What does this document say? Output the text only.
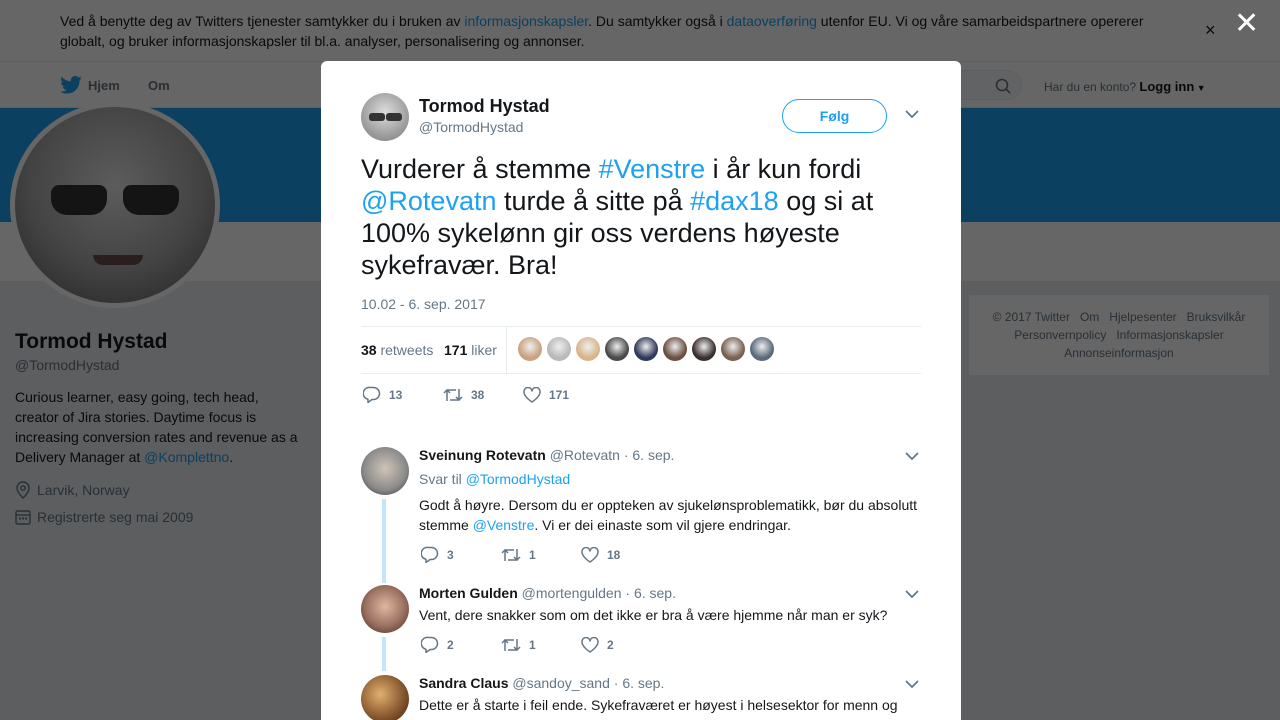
✕
Tormod Hystad
@TormodHystad
Følg
Vurderer å stemme #Venstre i år kun fordi @Rotevatn turde å sitte på #dax18 og si at 100% sykelønn gir oss verdens høyeste sykefravær. Bra!
10.02 - 6. sep. 2017
38 retweets 171 liker
13	38	171
Sveinung Rotevatn @Rotevatn · 6. sep.
Svar til @TormodHystad
Godt å høyre. Dersom du er oppteken av sjukelønsproblematikk, bør du absolutt stemme @Venstre. Vi er dei einaste som vil gjere endringar.
3	1	18
Morten Gulden @mortengulden · 6. sep.
Vent, dere snakker som om det ikke er bra å være hjemme når man er syk?
2	1	2
Sandra Claus @sandoy_sand · 6. sep.
Dette er å starte i feil ende. Sykefraværet er høyest i helsesektor for menn og
